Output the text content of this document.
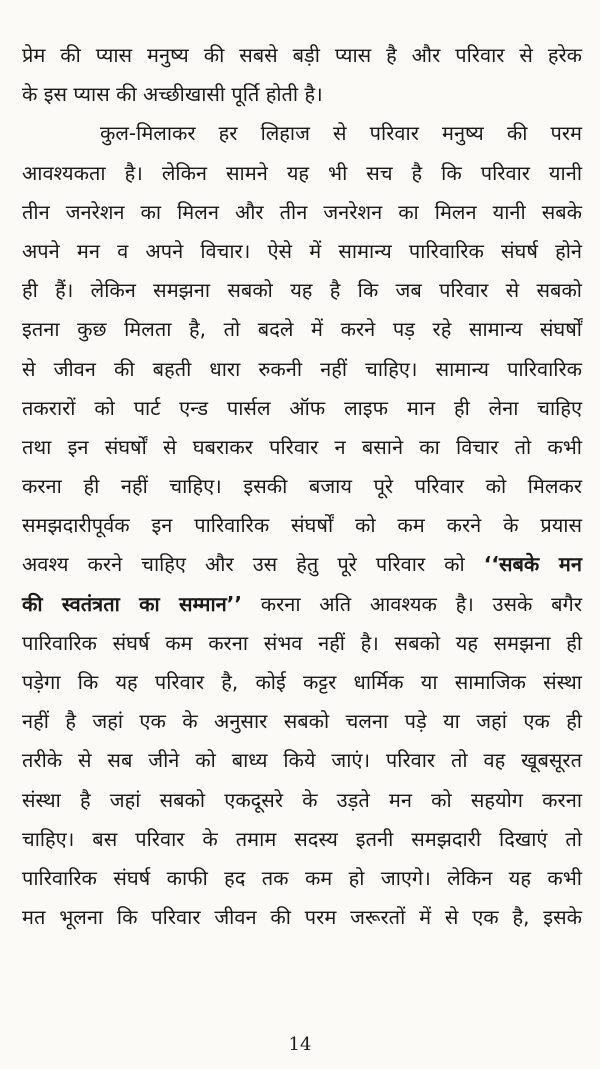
प्रेम की प्यास मनुष्य की सबसे बड़ी प्यास है और परिवार से हरेक
के इस प्यास की अच्छीखासी पूर्ति होती है।
कुल-मिलाकर हर लिहाज से परिवार मनुष्य की परम
आवश्यकता है। लेकिन सामने यह भी सच है कि परिवार यानी
तीन जनरेशन का मिलन और तीन जनरेशन का मिलन यानी सबके
अपने मन व अपने विचार। ऐसे में सामान्य पारिवारिक संघर्ष होने
ही हैं। लेकिन समझना सबको यह है कि जब परिवार से सबको
इतना कुछ मिलता है, तो बदले में करने पड़ रहे सामान्य संघर्षों
से जीवन की बहती धारा रुकनी नहीं चाहिए। सामान्य पारिवारिक
तकरारों को पार्ट एन्ड पार्सल ऑफ लाइफ मान ही लेना चाहिए
तथा इन संघर्षों से घबराकर परिवार न बसाने का विचार तो कभी
करना ही नहीं चाहिए। इसकी बजाय पूरे परिवार को मिलकर
समझदारीपूर्वक इन पारिवारिक संघर्षों को कम करने के प्रयास
अवश्य करने चाहिए और उस हेतु पूरे परिवार को ‘‘सबके मन
की स्वतंत्रता का सम्मान’’ करना अति आवश्यक है। उसके बगैर
पारिवारिक संघर्ष कम करना संभव नहीं है। सबको यह समझना ही
पड़ेगा कि यह परिवार है, कोई कट्टर धार्मिक या सामाजिक संस्था
नहीं है जहां एक के अनुसार सबको चलना पड़े या जहां एक ही
तरीके से सब जीने को बाध्य किये जाएं। परिवार तो वह खूबसूरत
संस्था है जहां सबको एकदूसरे के उड़ते मन को सहयोग करना
चाहिए। बस परिवार के तमाम सदस्य इतनी समझदारी दिखाएं तो
पारिवारिक संघर्ष काफी हद तक कम हो जाएगे। लेकिन यह कभी
मत भूलना कि परिवार जीवन की परम जरूरतों में से एक है, इसके
14
